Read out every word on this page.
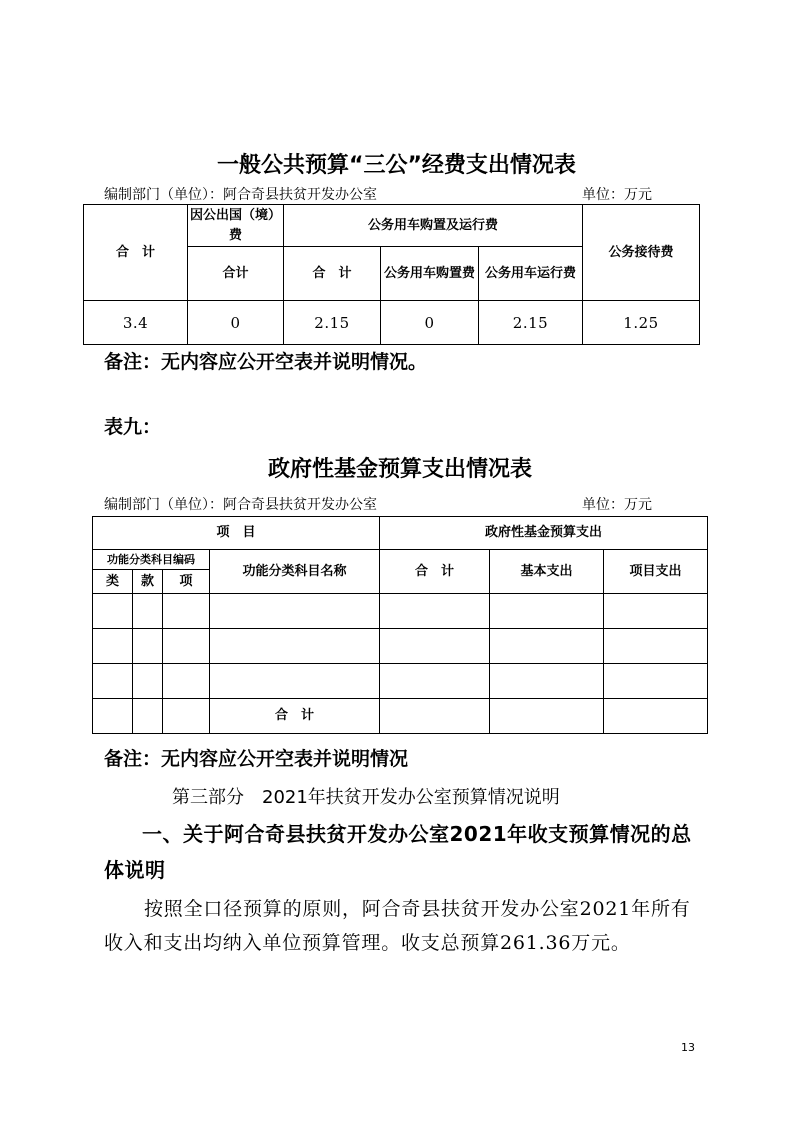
一般公共预算“三公”经费支出情况表
编制部门（单位）：阿合奇县扶贫开发办公室	单位：万元
合　计	因公出国（境）费	公务用车购置及运行费			公务接待费
	合计	合　计	公务用车购置费	公务用车运行费	
3.4	0	2.15	0	2.15	1.25
备注：无内容应公开空表并说明情况。
表九：
政府性基金预算支出情况表
编制部门（单位）：阿合奇县扶贫开发办公室	单位：万元
项　目				政府性基金预算支出		
功能分类科目编码			功能分类科目名称	合　计	基本支出	项目支出
类	款	项				

			合　计			
备注：无内容应公开空表并说明情况
第三部分　2021年扶贫开发办公室预算情况说明
一、关于阿合奇县扶贫开发办公室2021年收支预算情况的总体说明
按照全口径预算的原则，阿合奇县扶贫开发办公室2021年所有收入和支出均纳入单位预算管理。收支总预算261.36万元。
13
